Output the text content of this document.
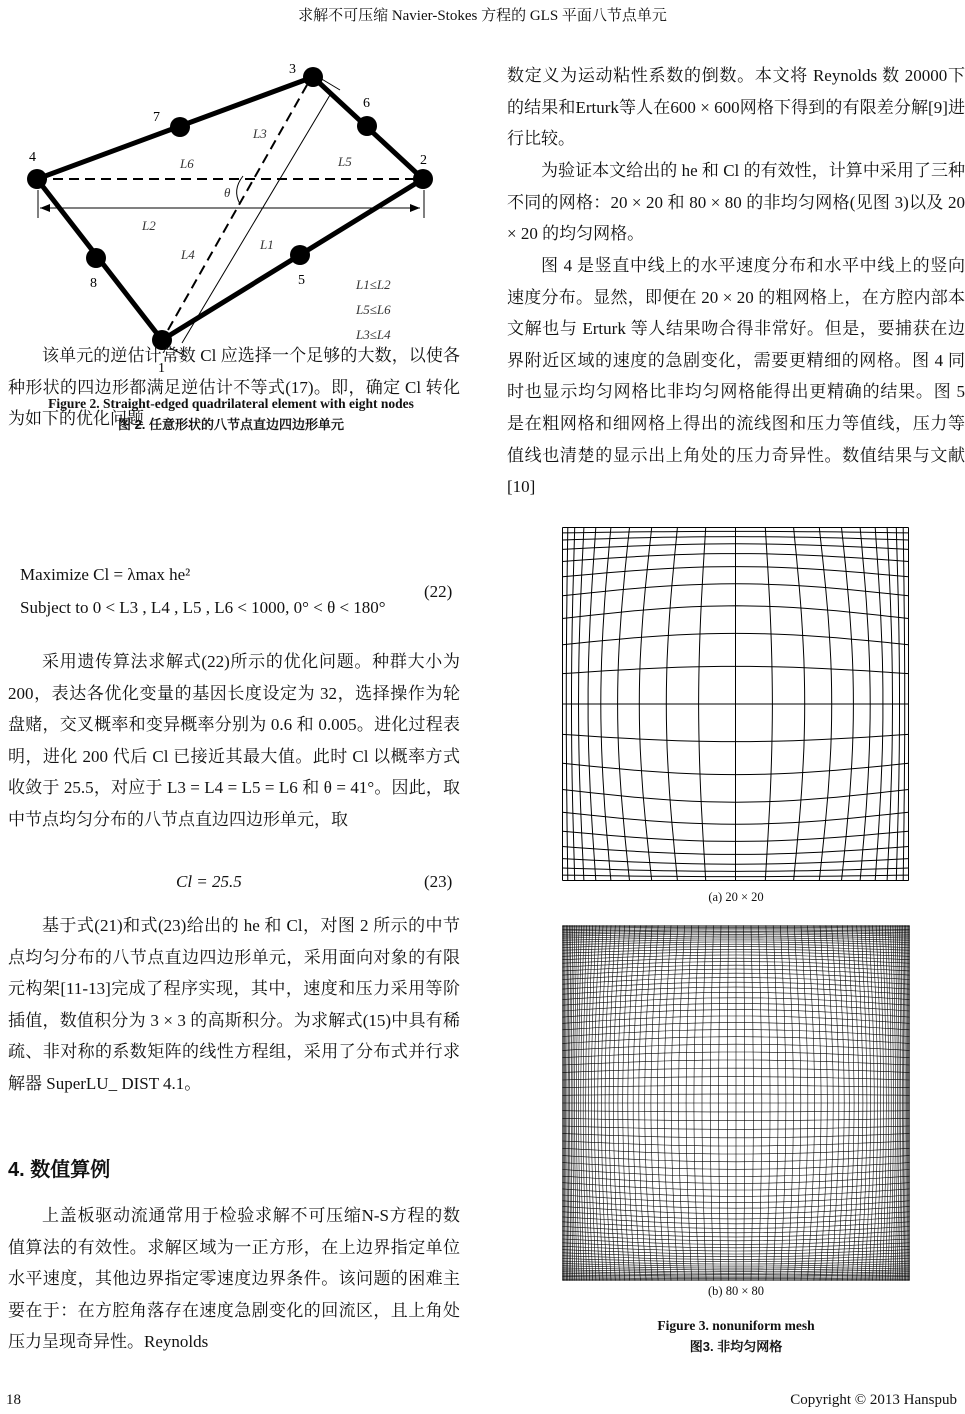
求解不可压缩 Navier-Stokes 方程的 GLS 平面八节点单元
1
2
3
4
5
6
7
8
L1
L2
L3
L4
L5
L6
θ
L1≤L2
L5≤L6
L3≤L4
Figure 2. Straight-edged quadrilateral element with eight nodes
图 2. 任意形状的八节点直边四边形单元

该单元的逆估计常数 Cl 应选择一个足够的大数，以使各种形状的四边形都满足逆估计不等式(17)。即，确定 Cl 转化为如下的优化问题

Maximize Cl = λmax he²
Subject to 0 < L3 , L4 , L5 , L6 < 1000, 0° < θ < 180°
(22)

采用遗传算法求解式(22)所示的优化问题。种群大小为 200，表达各优化变量的基因长度设定为 32，选择操作为轮盘赌，交叉概率和变异概率分别为 0.6 和 0.005。进化过程表明，进化 200 代后 Cl 已接近其最大值。此时 Cl 以概率方式收敛于 25.5，对应于 L3 = L4 = L5 = L6 和 θ = 41°。因此，取中节点均匀分布的八节点直边四边形单元，取

Cl = 25.5	(23)

基于式(21)和式(23)给出的 he 和 Cl，对图 2 所示的中节点均匀分布的八节点直边四边形单元，采用面向对象的有限元构架[11-13]完成了程序实现，其中，速度和压力采用等阶插值，数值积分为 3 × 3 的高斯积分。为求解式(15)中具有稀疏、非对称的系数矩阵的线性方程组，采用了分布式并行求解器 SuperLU_ DIST 4.1。

4. 数值算例

上盖板驱动流通常用于检验求解不可压缩N-S方程的数值算法的有效性。求解区域为一正方形，在上边界指定单位水平速度，其他边界指定零速度边界条件。该问题的困难主要在于：在方腔角落存在速度急剧变化的回流区，且上角处压力呈现奇异性。Reynolds

数定义为运动粘性系数的倒数。本文将 Reynolds 数 20000下的结果和Erturk等人在600 × 600网格下得到的有限差分解[9]进行比较。

为验证本文给出的 he 和 Cl 的有效性，计算中采用了三种不同的网格：20 × 20 和 80 × 80 的非均匀网格(见图 3)以及 20 × 20 的均匀网格。

图 4 是竖直中线上的水平速度分布和水平中线上的竖向速度分布。显然，即便在 20 × 20 的粗网格上，在方腔内部本文解也与 Erturk 等人结果吻合得非常好。但是，要捕获在边界附近区域的速度的急剧变化，需要更精细的网格。图 4 同时也显示均匀网格比非均匀网格能得出更精确的结果。图 5 是在粗网格和细网格上得出的流线图和压力等值线，压力等值线也清楚的显示出上角处的压力奇异性。数值结果与文献[10]

(a) 20 × 20
(b) 80 × 80
Figure 3. nonuniform mesh
图3. 非均匀网格
18	Copyright © 2013 Hanspub
